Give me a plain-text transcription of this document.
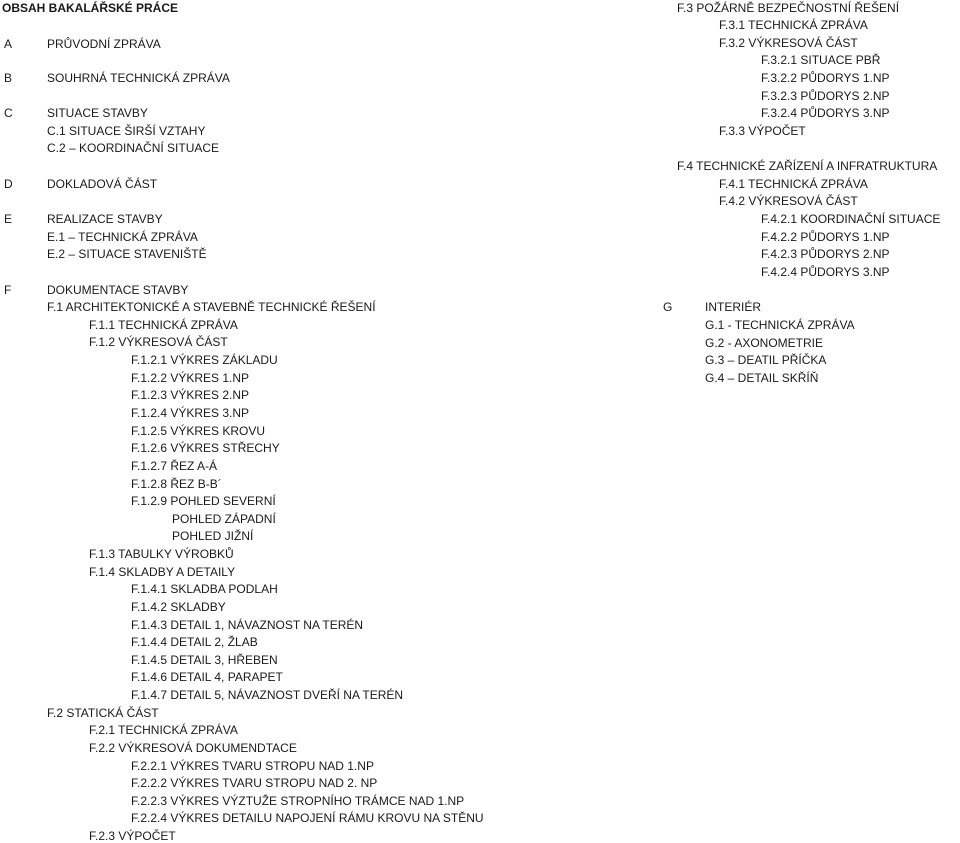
OBSAH BAKALÁŘSKÉ PRÁCE
A	PRŮVODNÍ ZPRÁVA
B	SOUHRNÁ TECHNICKÁ ZPRÁVA
C	SITUACE STAVBY
C.1 SITUACE ŠIRŠÍ VZTAHY
C.2 – KOORDINAČNÍ SITUACE
D	DOKLADOVÁ ČÁST
E	REALIZACE STAVBY
E.1 – TECHNICKÁ ZPRÁVA
E.2 – SITUACE STAVENIŠTĚ
F	DOKUMENTACE STAVBY
F.1 ARCHITEKTONICKÉ A STAVEBNĚ TECHNICKÉ ŘEŠENÍ
F.1.1 TECHNICKÁ ZPRÁVA
F.1.2 VÝKRESOVÁ ČÁST
F.1.2.1 VÝKRES ZÁKLADU
F.1.2.2 VÝKRES 1.NP
F.1.2.3 VÝKRES 2.NP
F.1.2.4 VÝKRES 3.NP
F.1.2.5 VÝKRES KROVU
F.1.2.6 VÝKRES STŘECHY
F.1.2.7 ŘEZ A-Á
F.1.2.8 ŘEZ B-B´
F.1.2.9 POHLED SEVERNÍ
POHLED ZÁPADNÍ
POHLED JIŽNÍ
F.1.3 TABULKY VÝROBKŮ
F.1.4 SKLADBY A DETAILY
F.1.4.1 SKLADBA PODLAH
F.1.4.2 SKLADBY
F.1.4.3 DETAIL 1, NÁVAZNOST NA TERÉN
F.1.4.4 DETAIL 2, ŽLAB
F.1.4.5 DETAIL 3, HŘEBEN
F.1.4.6 DETAIL 4, PARAPET
F.1.4.7 DETAIL 5, NÁVAZNOST DVEŘÍ NA TERÉN
F.2 STATICKÁ ČÁST
F.2.1 TECHNICKÁ ZPRÁVA
F.2.2 VÝKRESOVÁ DOKUMENDTACE
F.2.2.1 VÝKRES TVARU STROPU NAD 1.NP
F.2.2.2 VÝKRES TVARU STROPU NAD 2. NP
F.2.2.3 VÝKRES VÝZTUŽE STROPNÍHO TRÁMCE NAD 1.NP
F.2.2.4 VÝKRES DETAILU NAPOJENÍ RÁMU KROVU NA STĚNU
F.2.3 VÝPOČET
F.3 POŽÁRNĚ BEZPEČNOSTNÍ ŘEŠENÍ
F.3.1 TECHNICKÁ ZPRÁVA
F.3.2 VÝKRESOVÁ ČÁST
F.3.2.1 SITUACE PBŘ
F.3.2.2 PŮDORYS 1.NP
F.3.2.3 PŮDORYS 2.NP
F.3.2.4 PŮDORYS 3.NP
F.3.3 VÝPOČET
F.4 TECHNICKÉ ZAŘÍZENÍ A INFRATRUKTURA
F.4.1 TECHNICKÁ ZPRÁVA
F.4.2 VÝKRESOVÁ ČÁST
F.4.2.1 KOORDINAČNÍ SITUACE
F.4.2.2 PŮDORYS 1.NP
F.4.2.3 PŮDORYS 2.NP
F.4.2.4 PŮDORYS 3.NP
G	INTERIÉR
G.1 - TECHNICKÁ ZPRÁVA
G.2 - AXONOMETRIE
G.3 – DEATIL PŘÍČKA
G.4 – DETAIL SKŘÍŇ
